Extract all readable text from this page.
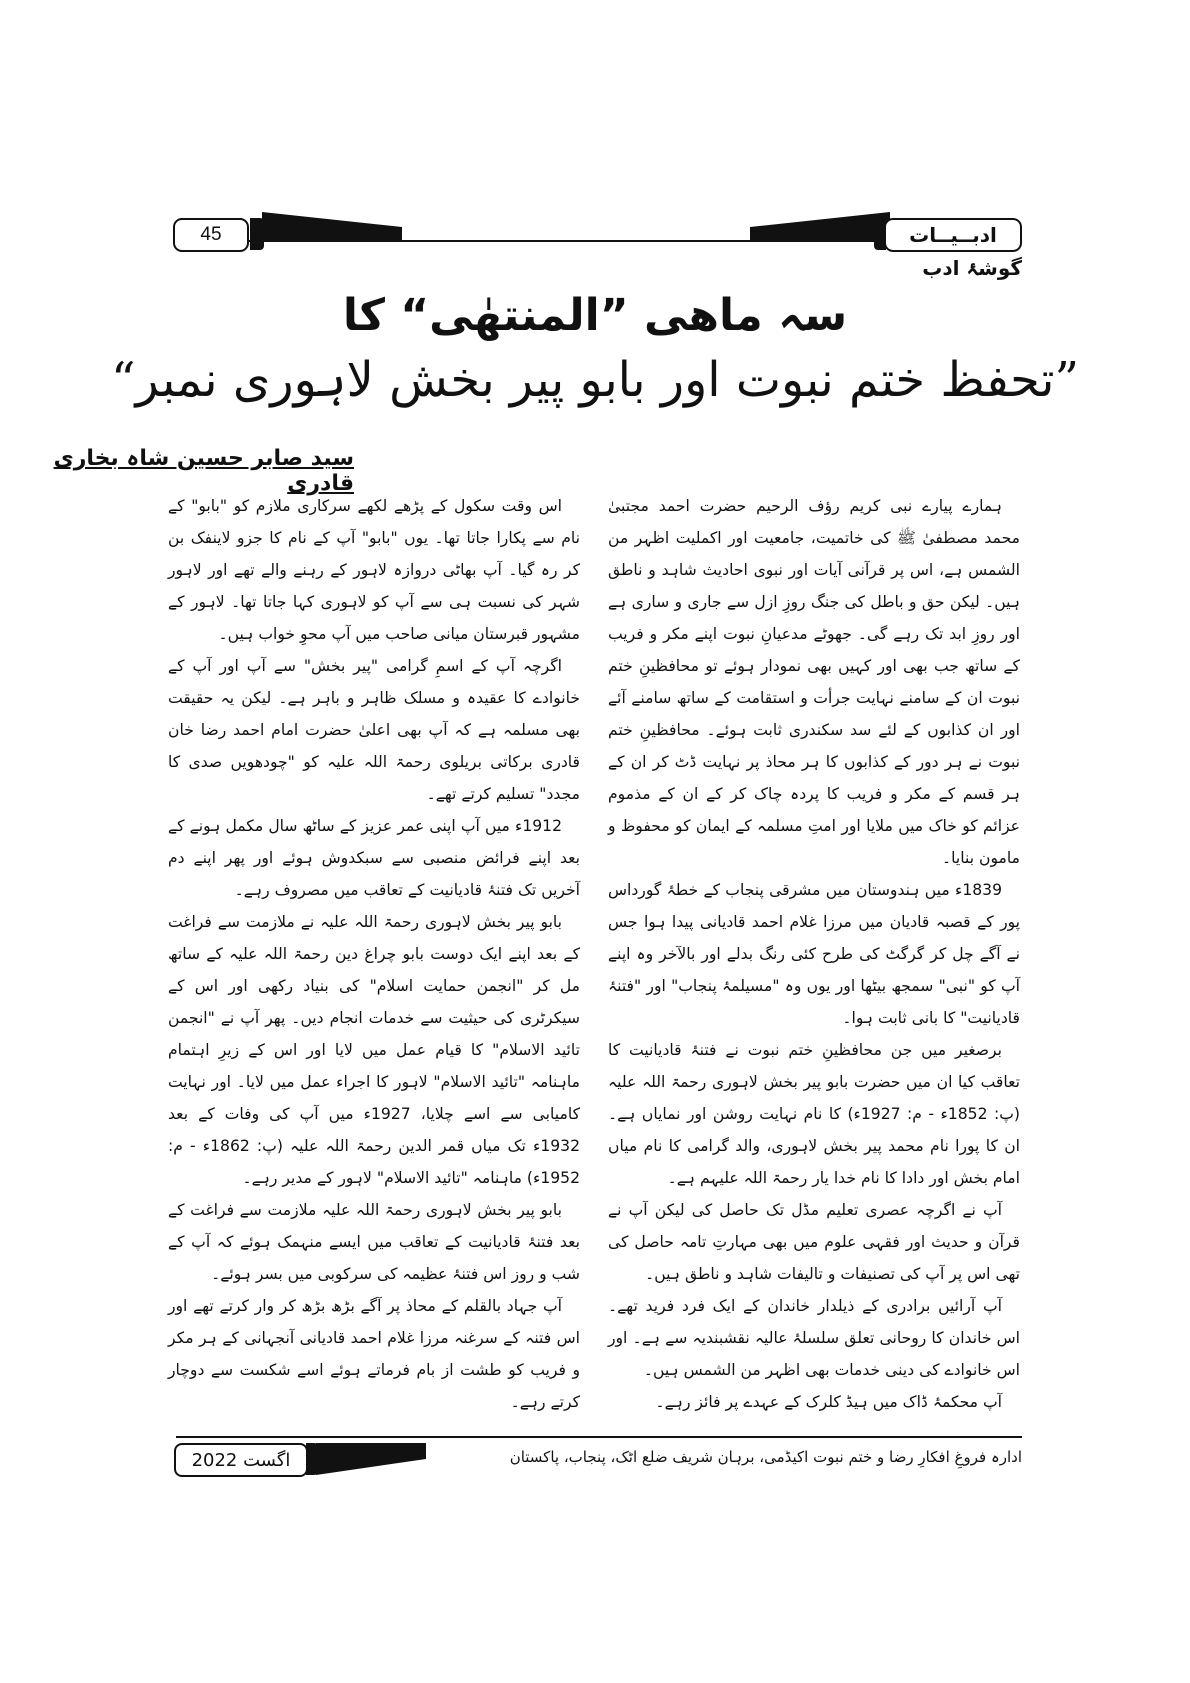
45	ادبــیــات
گوشۂ ادب
سہ ماھی ”المنتھٰی“ کا
”تحفظ ختم نبوت اور بابو پیر بخش لاہوری نمبر“
سید صابر حسین شاہ بخاری قادری

ہمارے پیارے نبی کریم رؤف الرحیم حضرت احمد مجتبیٰ محمد مصطفیٰ ﷺ کی خاتمیت، جامعیت اور اکملیت اظہر من الشمس ہے، اس پر قرآنی آیات اور نبوی احادیث شاہد و ناطق ہیں۔ لیکن حق و باطل کی جنگ روزِ ازل سے جاری و ساری ہے اور روزِ ابد تک رہے گی۔ جھوٹے مدعیانِ نبوت اپنے مکر و فریب کے ساتھ جب بھی اور کہیں بھی نمودار ہوئے تو محافظینِ ختم نبوت ان کے سامنے نہایت جرأت و استقامت کے ساتھ سامنے آئے اور ان کذابوں کے لئے سد سکندری ثابت ہوئے۔ محافظینِ ختم نبوت نے ہر دور کے کذابوں کا ہر محاذ پر نہایت ڈٹ کر ان کے ہر قسم کے مکر و فریب کا پردہ چاک کر کے ان کے مذموم عزائم کو خاک میں ملایا اور امتِ مسلمہ کے ایمان کو محفوظ و مامون بنایا۔

1839ء میں ہندوستان میں مشرقی پنجاب کے خطۂ گورداس پور کے قصبہ قادیان میں مرزا غلام احمد قادیانی پیدا ہوا جس نے آگے چل کر گرگٹ کی طرح کئی رنگ بدلے اور بالآخر وہ اپنے آپ کو "نبی" سمجھ بیٹھا اور یوں وہ "مسیلمۂ پنجاب" اور "فتنۂ قادیانیت" کا بانی ثابت ہوا۔

برصغیر میں جن محافظینِ ختم نبوت نے فتنۂ قادیانیت کا تعاقب کیا ان میں حضرت بابو پیر بخش لاہوری رحمۃ اللہ علیہ (پ: 1852ء - م: 1927ء) کا نام نہایت روشن اور نمایاں ہے۔ ان کا پورا نام محمد پیر بخش لاہوری، والد گرامی کا نام میاں امام بخش اور دادا کا نام خدا یار رحمۃ اللہ علیہم ہے۔

آپ نے اگرچہ عصری تعلیم مڈل تک حاصل کی لیکن آپ نے قرآن و حدیث اور فقہی علوم میں بھی مہارتِ تامہ حاصل کی تھی اس پر آپ کی تصنیفات و تالیفات شاہد و ناطق ہیں۔

آپ آرائیں برادری کے ذیلدار خاندان کے ایک فرد فرید تھے۔ اس خاندان کا روحانی تعلق سلسلۂ عالیہ نقشبندیہ سے ہے۔ اور اس خانوادے کی دینی خدمات بھی اظہر من الشمس ہیں۔

آپ محکمۂ ڈاک میں ہیڈ کلرک کے عہدے پر فائز رہے۔

اس وقت سکول کے پڑھے لکھے سرکاری ملازم کو "بابو" کے نام سے پکارا جاتا تھا۔ یوں "بابو" آپ کے نام کا جزو لاینفک بن کر رہ گیا۔ آپ بھاٹی دروازہ لاہور کے رہنے والے تھے اور لاہور شہر کی نسبت ہی سے آپ کو لاہوری کہا جاتا تھا۔ لاہور کے مشہور قبرستان میانی صاحب میں آپ محوِ خواب ہیں۔

اگرچہ آپ کے اسمِ گرامی "پیر بخش" سے آپ اور آپ کے خانوادے کا عقیدہ و مسلک ظاہر و باہر ہے۔ لیکن یہ حقیقت بھی مسلمہ ہے کہ آپ بھی اعلیٰ حضرت امام احمد رضا خان قادری برکاتی بریلوی رحمۃ اللہ علیہ کو "چودھویں صدی کا مجدد" تسلیم کرتے تھے۔

1912ء میں آپ اپنی عمر عزیز کے ساٹھ سال مکمل ہونے کے بعد اپنے فرائض منصبی سے سبکدوش ہوئے اور پھر اپنے دم آخریں تک فتنۂ قادیانیت کے تعاقب میں مصروف رہے۔

بابو پیر بخش لاہوری رحمۃ اللہ علیہ نے ملازمت سے فراغت کے بعد اپنے ایک دوست بابو چراغ دین رحمۃ اللہ علیہ کے ساتھ مل کر "انجمن حمایت اسلام" کی بنیاد رکھی اور اس کے سیکرٹری کی حیثیت سے خدمات انجام دیں۔ پھر آپ نے "انجمن تائید الاسلام" کا قیام عمل میں لایا اور اس کے زیرِ اہتمام ماہنامہ "تائید الاسلام" لاہور کا اجراء عمل میں لایا۔ اور نہایت کامیابی سے اسے چلایا، 1927ء میں آپ کی وفات کے بعد 1932ء تک میاں قمر الدین رحمۃ اللہ علیہ (پ: 1862ء - م: 1952ء) ماہنامہ "تائید الاسلام" لاہور کے مدیر رہے۔

بابو پیر بخش لاہوری رحمۃ اللہ علیہ ملازمت سے فراغت کے بعد فتنۂ قادیانیت کے تعاقب میں ایسے منہمک ہوئے کہ آپ کے شب و روز اس فتنۂ عظیمہ کی سرکوبی میں بسر ہوئے۔

آپ جہاد بالقلم کے محاذ پر آگے بڑھ بڑھ کر وار کرتے تھے اور اس فتنہ کے سرغنہ مرزا غلام احمد قادیانی آنجہانی کے ہر مکر و فریب کو طشت از بام فرماتے ہوئے اسے شکست سے دوچار کرتے رہے۔

اگست 2022	ادارہ فروغِ افکارِ رضا و ختم نبوت اکیڈمی، برہان شریف ضلع اٹک، پنجاب، پاکستان
